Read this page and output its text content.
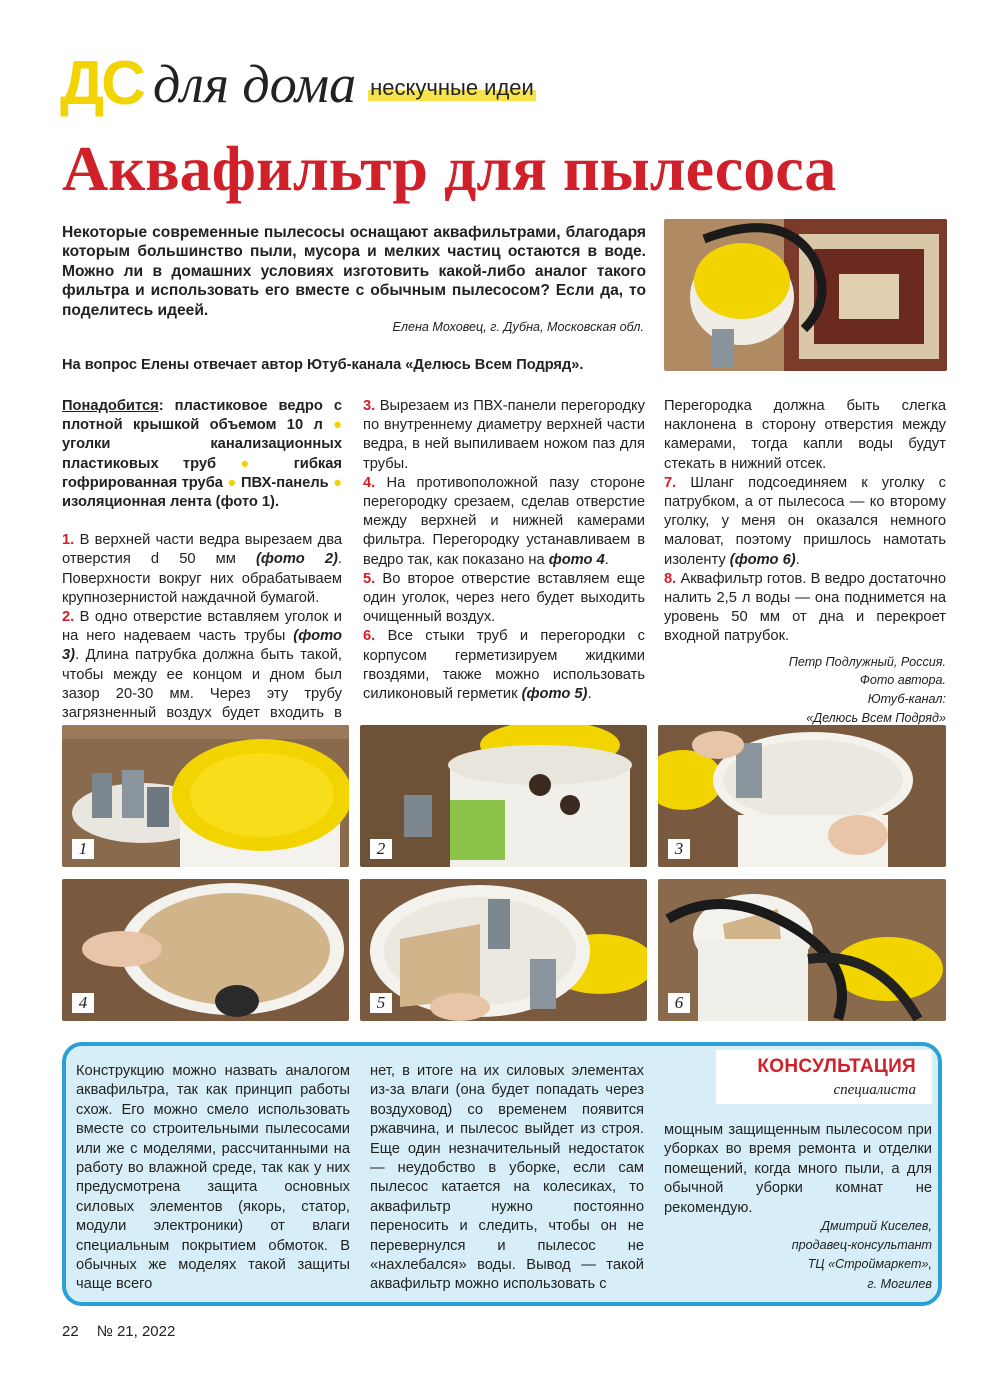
ДС для дома нескучные идеи
Аквафильтр для пылесоса
Некоторые современные пылесосы оснащают аквафильтрами, благодаря которым большинство пыли, мусора и мелких частиц остаются в воде. Можно ли в домашних условиях изготовить какой-либо аналог такого фильтра и использовать его вместе с обычным пылесосом? Если да, то поделитесь идеей.
Елена Моховец, г. Дубна, Московская обл.
На вопрос Елены отвечает автор Ютуб-канала «Делюсь Всем Подряд».

Понадобится: пластиковое ведро с плотной крышкой объемом 10 л ● уголки канализационных пластиковых труб ● гибкая гофрированная труба ● ПВХ-панель ● изоляционная лента (фото 1).

1. В верхней части ведра вырезаем два отверстия d 50 мм (фото 2). Поверхности вокруг них обрабатываем крупнозернистой наждачной бумагой.

2. В одно отверстие вставляем уголок и на него надеваем часть трубы (фото 3). Длина патрубка должна быть такой, чтобы между ее концом и дном был зазор 20-30 мм. Через эту трубу загрязненный воздух будет входить в

3. Вырезаем из ПВХ-панели перегородку по внутреннему диаметру верхней части ведра, в ней выпиливаем ножом паз для трубы.

4. На противоположной пазу стороне перегородку срезаем, сделав отверстие между верхней и нижней камерами фильтра. Перегородку устанавливаем в ведро так, как показано на фото 4.

5. Во второе отверстие вставляем еще один уголок, через него будет выходить очищенный воздух.

6. Все стыки труб и перегородки с корпусом герметизируем жидкими гвоздями, также можно использовать силиконовый герметик (фото 5).

Перегородка должна быть слегка наклонена в сторону отверстия между камерами, тогда капли воды будут стекать в нижний отсек.

7. Шланг подсоединяем к уголку с патрубком, а от пылесоса — ко второму уголку, у меня он оказался немного маловат, поэтому пришлось намотать изоленту (фото 6).

8. Аквафильтр готов. В ведро достаточно налить 2,5 л воды — она поднимется на уровень 50 мм от дна и перекроет входной патрубок.

Петр Подлужный, Россия.
Фото автора.
Ютуб-канал:
«Делюсь Всем Подряд»
1	2	3
4	5	6
КОНСУЛЬТАЦИЯ
специалиста
Конструкцию можно назвать аналогом аквафильтра, так как принцип работы схож. Его можно смело использовать вместе со строительными пылесосами или же с моделями, рассчитанными на работу во влажной среде, так как у них предусмотрена защита основных силовых элементов (якорь, статор, модули электроники) от влаги специальным покрытием обмоток. В обычных же моделях такой защиты чаще всего
нет, в итоге на их силовых элементах из-за влаги (она будет попадать через воздуховод) со временем появится ржавчина, и пылесос выйдет из строя. Еще один незначительный недостаток — неудобство в уборке, если сам пылесос катается на колесиках, то аквафильтр нужно постоянно переносить и следить, чтобы он не перевернулся и пылесос не «нахлебался» воды. Вывод — такой аквафильтр можно использовать с
мощным защищенным пылесосом при уборках во время ремонта и отделки помещений, когда много пыли, а для обычной уборки комнат не рекомендую.
Дмитрий Киселев,
продавец-консультант
ТЦ «Строймаркет»,
г. Могилев
22 № 21, 2022
